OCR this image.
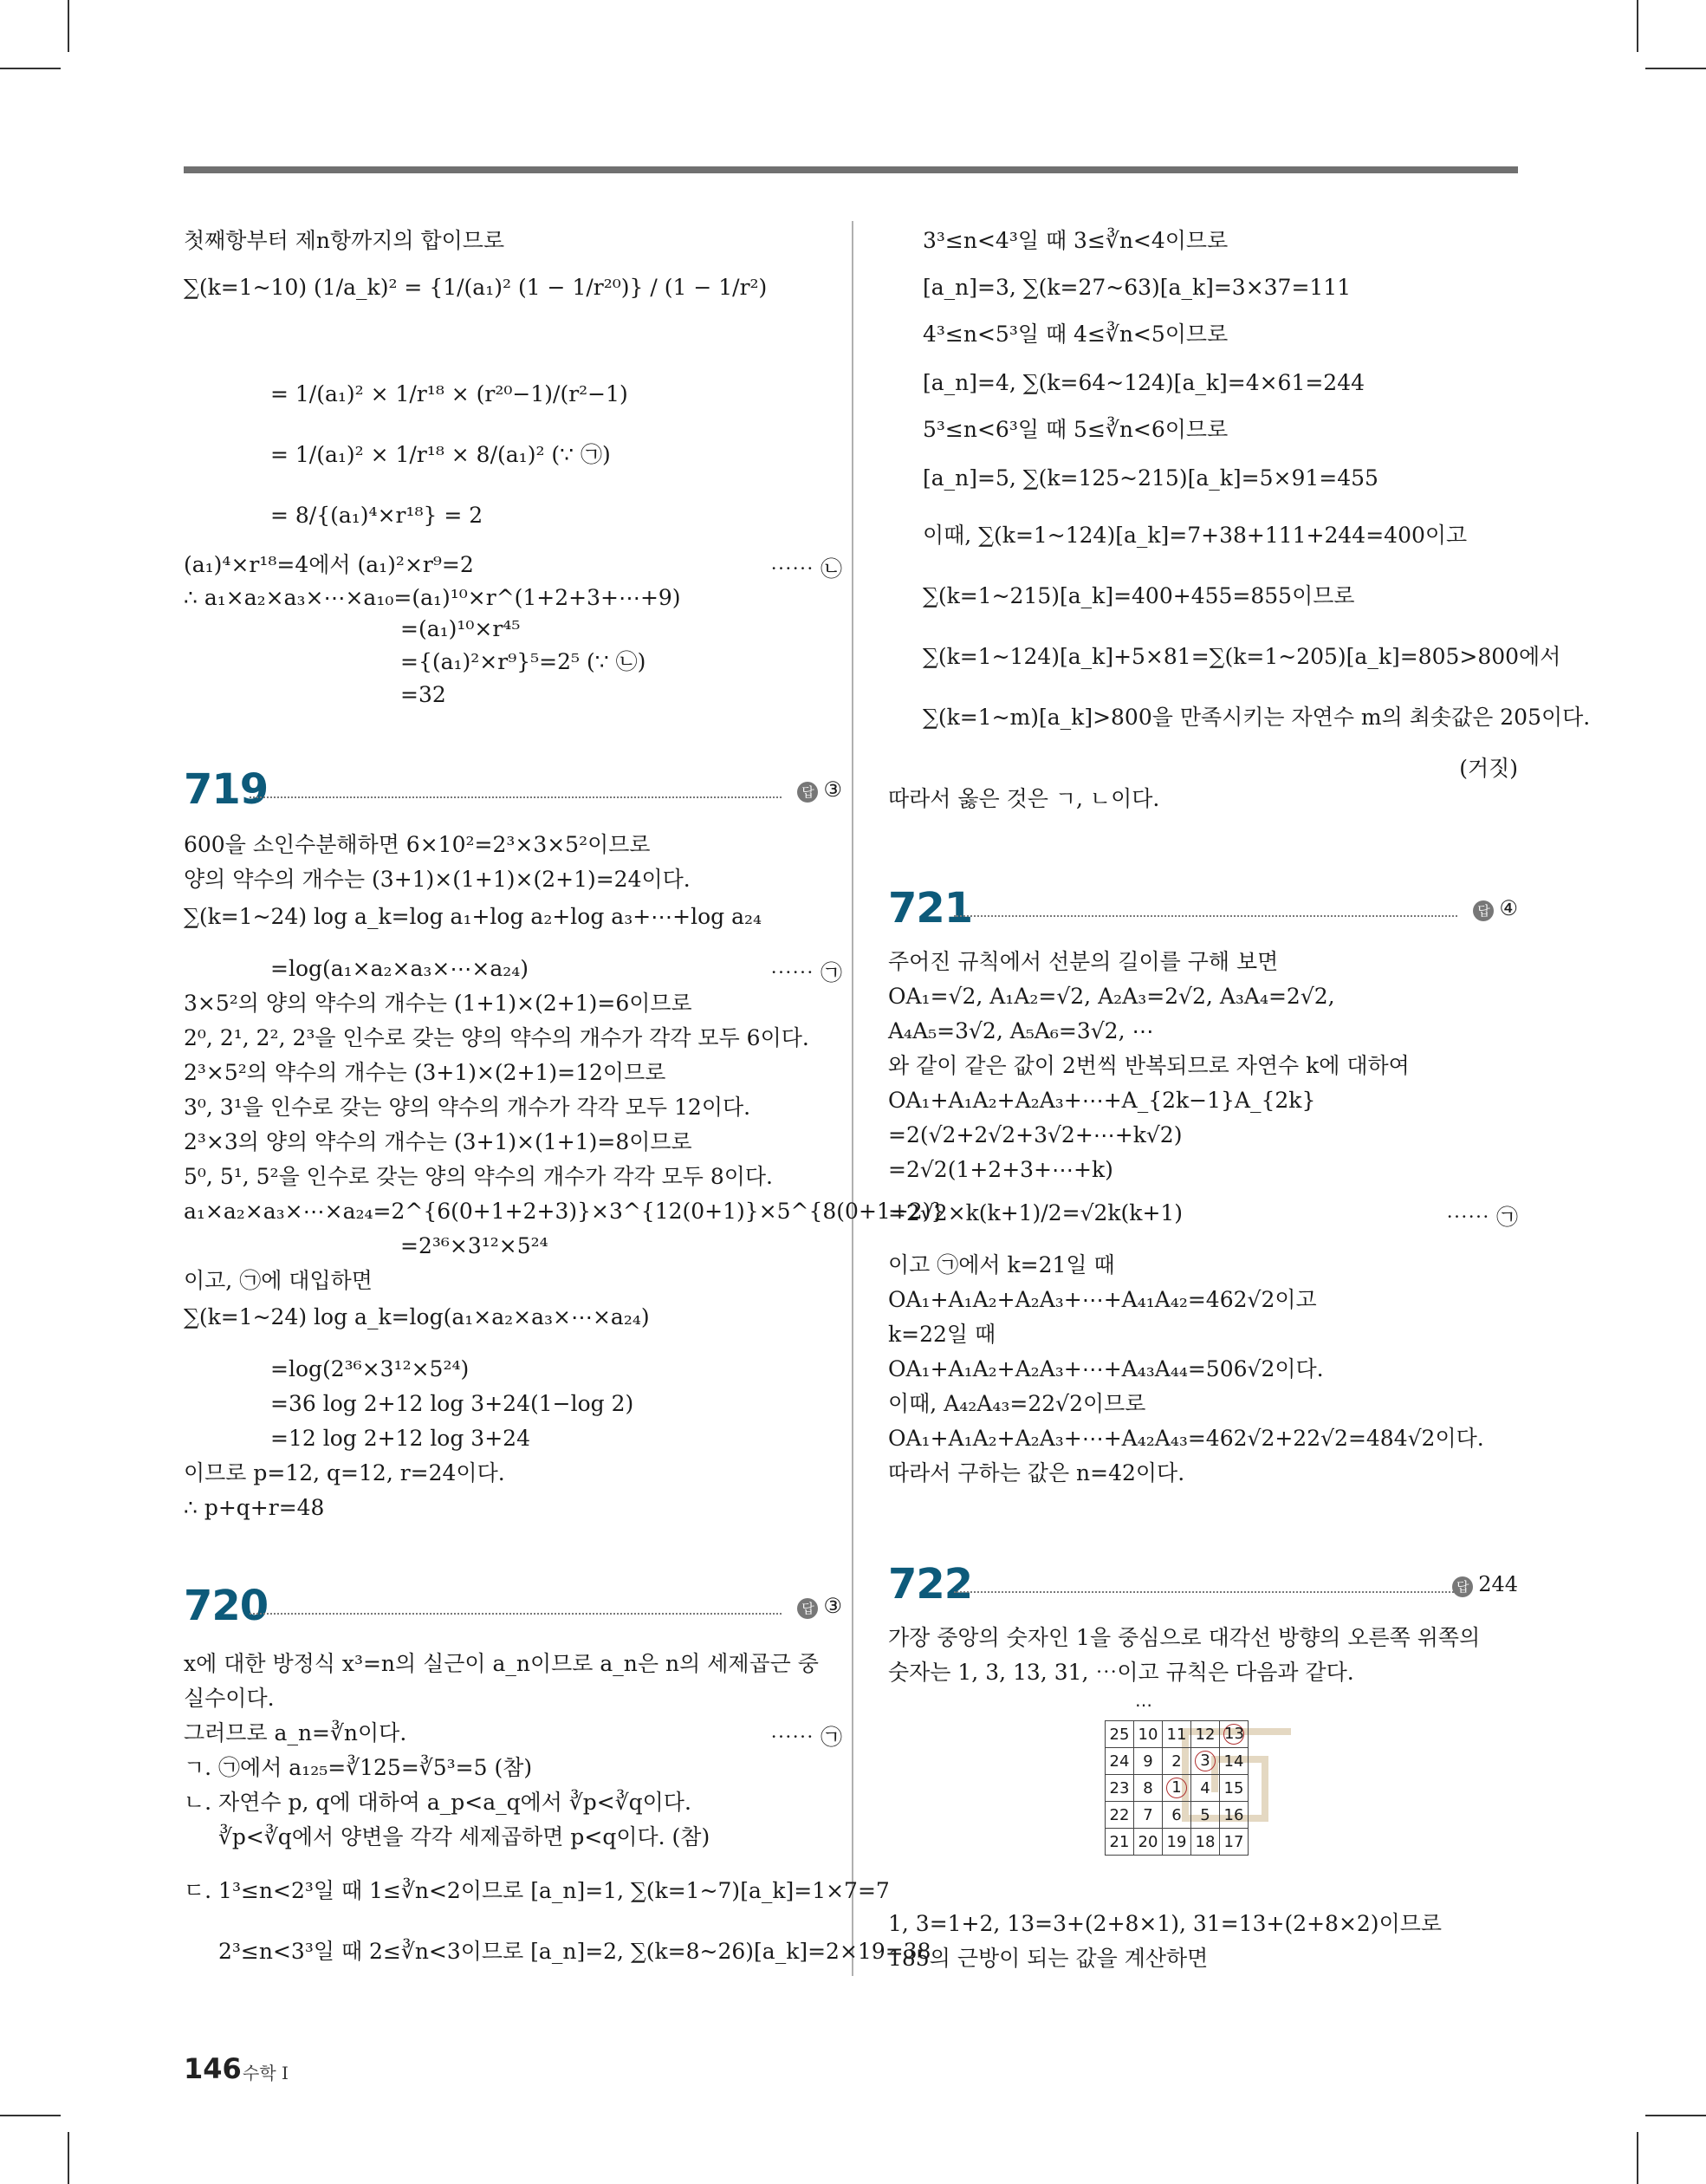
첫째항부터 제n항까지의 합이므로
∑(k=1~10) (1/a_k)² = {1/(a₁)² (1 − 1/r²⁰)} / (1 − 1/r²)
= 1/(a₁)² × 1/r¹⁸ × (r²⁰−1)/(r²−1)
= 1/(a₁)² × 1/r¹⁸ × 8/(a₁)² (∵ ㉠)
= 8/{(a₁)⁴×r¹⁸} = 2
(a₁)⁴×r¹⁸=4에서 (a₁)²×r⁹=2	⋯⋯ ㉡
∴ a₁×a₂×a₃×⋯×a₁₀=(a₁)¹⁰×r^(1+2+3+⋯+9)
=(a₁)¹⁰×r⁴⁵
={(a₁)²×r⁹}⁵=2⁵ (∵ ㉡)
=32
719	답 ③
600을 소인수분해하면 6×10²=2³×3×5²이므로
양의 약수의 개수는 (3+1)×(1+1)×(2+1)=24이다.
∑(k=1~24) log a_k=log a₁+log a₂+log a₃+⋯+log a₂₄
=log(a₁×a₂×a₃×⋯×a₂₄)	⋯⋯ ㉠
3×5²의 양의 약수의 개수는 (1+1)×(2+1)=6이므로
2⁰, 2¹, 2², 2³을 인수로 갖는 양의 약수의 개수가 각각 모두 6이다.
2³×5²의 약수의 개수는 (3+1)×(2+1)=12이므로
3⁰, 3¹을 인수로 갖는 양의 약수의 개수가 각각 모두 12이다.
2³×3의 양의 약수의 개수는 (3+1)×(1+1)=8이므로
5⁰, 5¹, 5²을 인수로 갖는 양의 약수의 개수가 각각 모두 8이다.
a₁×a₂×a₃×⋯×a₂₄=2^{6(0+1+2+3)}×3^{12(0+1)}×5^{8(0+1+2)}
=2³⁶×3¹²×5²⁴
이고, ㉠에 대입하면
∑(k=1~24) log a_k=log(a₁×a₂×a₃×⋯×a₂₄)
=log(2³⁶×3¹²×5²⁴)
=36 log 2+12 log 3+24(1−log 2)
=12 log 2+12 log 3+24
이므로 p=12, q=12, r=24이다.
∴ p+q+r=48
720	답 ③
x에 대한 방정식 x³=n의 실근이 a_n이므로 a_n은 n의 세제곱근 중
실수이다.
그러므로 a_n=∛n이다.	⋯⋯ ㉠
ㄱ. ㉠에서 a₁₂₅=∛125=∛5³=5 (참)
ㄴ. 자연수 p, q에 대하여 a_p<a_q에서 ∛p<∛q이다.
∛p<∛q에서 양변을 각각 세제곱하면 p<q이다. (참)
ㄷ. 1³≤n<2³일 때 1≤∛n<2이므로 [a_n]=1, ∑(k=1~7)[a_k]=1×7=7
2³≤n<3³일 때 2≤∛n<3이므로 [a_n]=2, ∑(k=8~26)[a_k]=2×19=38
3³≤n<4³일 때 3≤∛n<4이므로
[a_n]=3, ∑(k=27~63)[a_k]=3×37=111
4³≤n<5³일 때 4≤∛n<5이므로
[a_n]=4, ∑(k=64~124)[a_k]=4×61=244
5³≤n<6³일 때 5≤∛n<6이므로
[a_n]=5, ∑(k=125~215)[a_k]=5×91=455
이때, ∑(k=1~124)[a_k]=7+38+111+244=400이고
∑(k=1~215)[a_k]=400+455=855이므로
∑(k=1~124)[a_k]+5×81=∑(k=1~205)[a_k]=805>800에서
∑(k=1~m)[a_k]>800을 만족시키는 자연수 m의 최솟값은 205이다.
(거짓)
따라서 옳은 것은 ㄱ, ㄴ이다.
721	답 ④
주어진 규칙에서 선분의 길이를 구해 보면
OA₁=√2, A₁A₂=√2, A₂A₃=2√2, A₃A₄=2√2,
A₄A₅=3√2, A₅A₆=3√2, ⋯
와 같이 같은 값이 2번씩 반복되므로 자연수 k에 대하여
OA₁+A₁A₂+A₂A₃+⋯+A_{2k−1}A_{2k}
=2(√2+2√2+3√2+⋯+k√2)
=2√2(1+2+3+⋯+k)
=2√2×k(k+1)/2=√2k(k+1)	⋯⋯ ㉠
이고 ㉠에서 k=21일 때
OA₁+A₁A₂+A₂A₃+⋯+A₄₁A₄₂=462√2이고
k=22일 때
OA₁+A₁A₂+A₂A₃+⋯+A₄₃A₄₄=506√2이다.
이때, A₄₂A₄₃=22√2이므로
OA₁+A₁A₂+A₂A₃+⋯+A₄₂A₄₃=462√2+22√2=484√2이다.
따라서 구하는 값은 n=42이다.
722	답 244
가장 중앙의 숫자인 1을 중심으로 대각선 방향의 오른쪽 위쪽의
숫자는 1, 3, 13, 31, ⋯이고 규칙은 다음과 같다.
⋯
25	10	11	12	13
24	9	2	3	14
23	8	1	4	15
22	7	6	5	16
21	20	19	18	17
1, 3=1+2, 13=3+(2+8×1), 31=13+(2+8×2)이므로
185의 근방이 되는 값을 계산하면
146 수학 I
